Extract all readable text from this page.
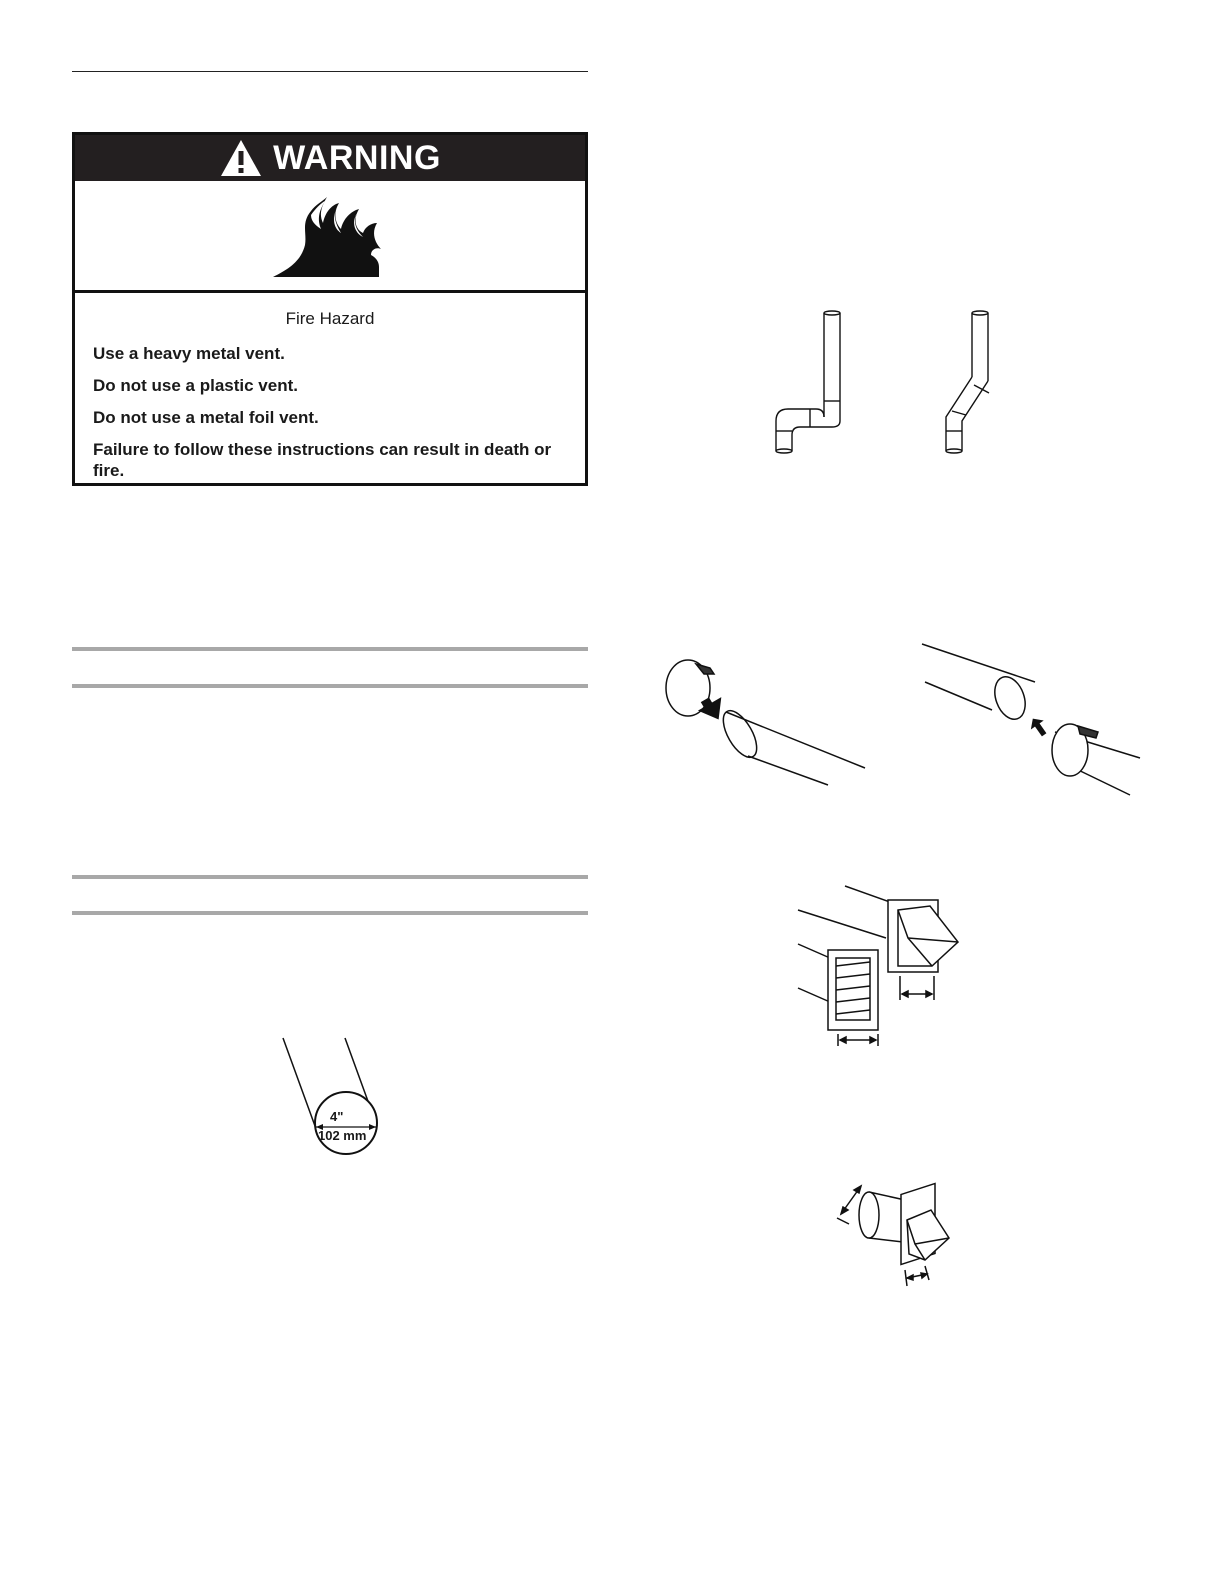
WARNING
Fire Hazard
Use a heavy metal vent.
Do not use a plastic vent.
Do not use a metal foil vent.
Failure to follow these instructions can result in death or fire.
4"
102 mm
